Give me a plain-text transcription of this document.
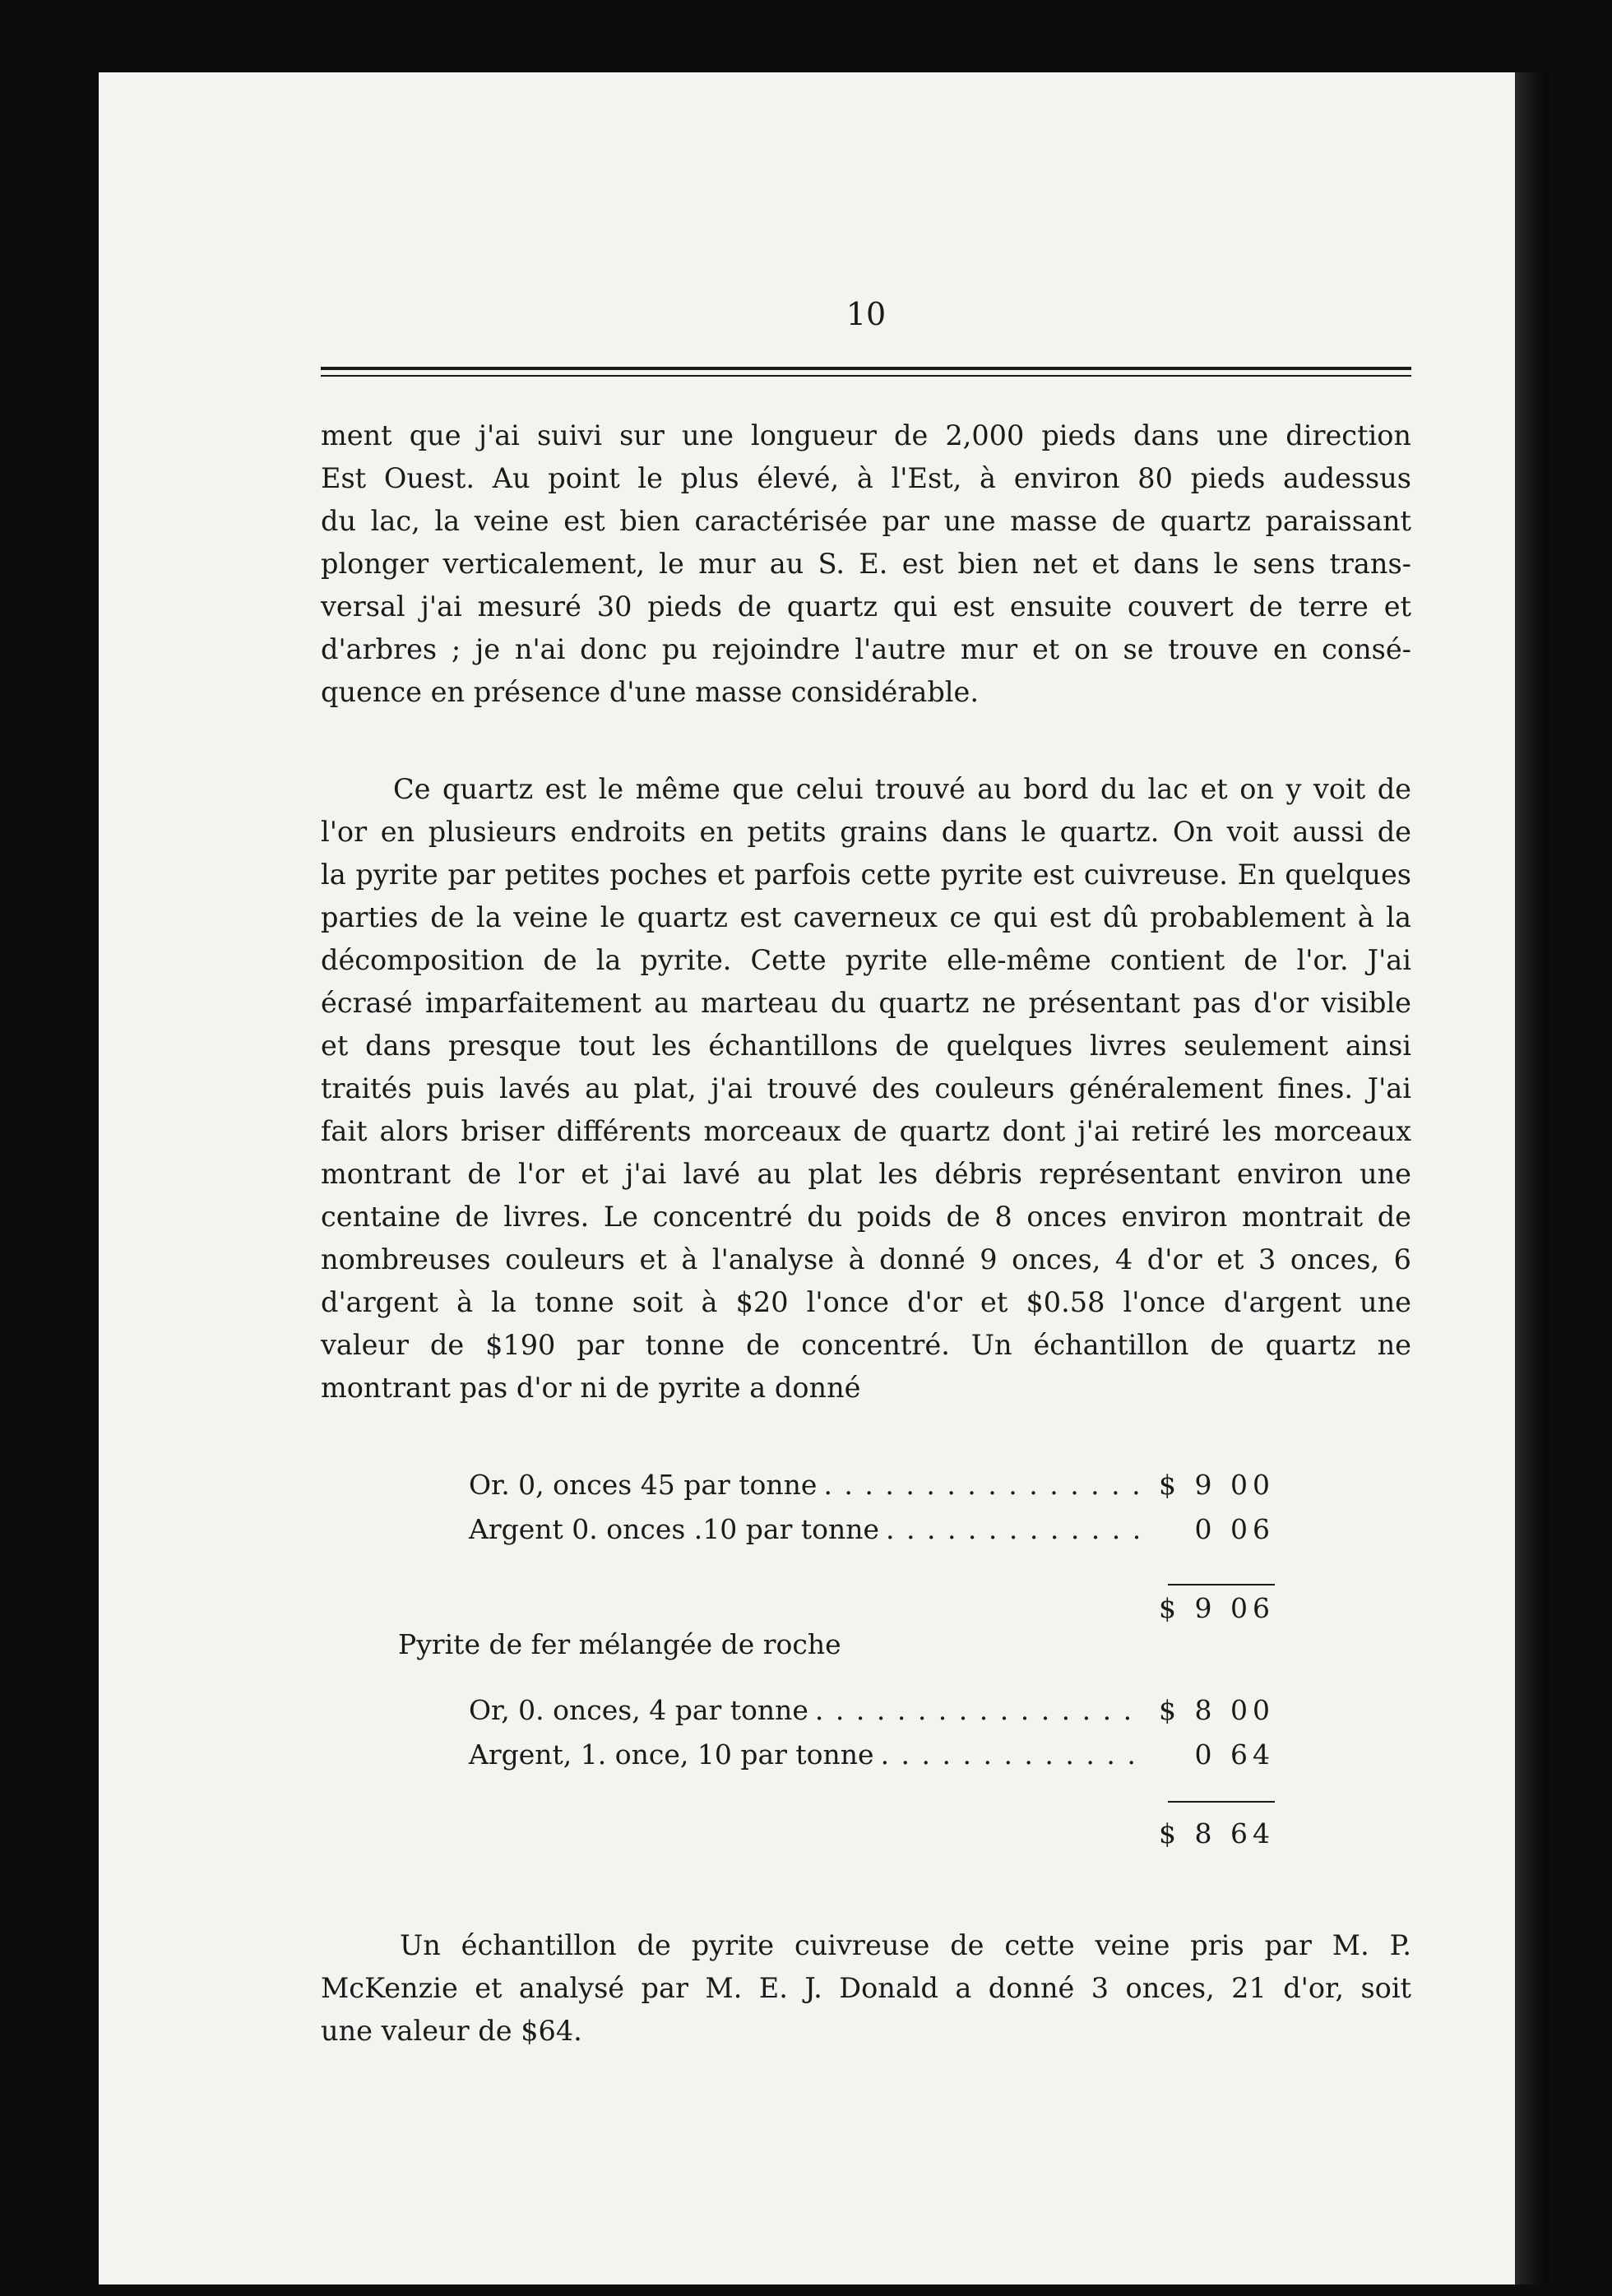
10

ment que j'ai suivi sur une longueur de 2,000 pieds dans une direction
Est Ouest. Au point le plus élevé, à l'Est, à environ 80 pieds audessus
du lac, la veine est bien caractérisée par une masse de quartz paraissant
plonger verticalement, le mur au S. E. est bien net et dans le sens trans-
versal j'ai mesuré 30 pieds de quartz qui est ensuite couvert de terre et
d'arbres ; je n'ai donc pu rejoindre l'autre mur et on se trouve en consé-
quence en présence d'une masse considérable.

Ce quartz est le même que celui trouvé au bord du lac et on y voit de
l'or en plusieurs endroits en petits grains dans le quartz. On voit aussi de
la pyrite par petites poches et parfois cette pyrite est cuivreuse. En quelques
parties de la veine le quartz est caverneux ce qui est dû probablement à la
décomposition de la pyrite. Cette pyrite elle-même contient de l'or. J'ai
écrasé imparfaitement au marteau du quartz ne présentant pas d'or visible
et dans presque tout les échantillons de quelques livres seulement ainsi
traités puis lavés au plat, j'ai trouvé des couleurs généralement fines. J'ai
fait alors briser différents morceaux de quartz dont j'ai retiré les morceaux
montrant de l'or et j'ai lavé au plat les débris représentant environ une
centaine de livres. Le concentré du poids de 8 onces environ montrait de
nombreuses couleurs et à l'analyse à donné 9 onces, 4 d'or et 3 onces, 6
d'argent à la tonne soit à $20 l'once d'or et $0.58 l'once d'argent une
valeur de $190 par tonne de concentré. Un échantillon de quartz ne
montrant pas d'or ni de pyrite a donné

Or. 0, onces 45 par tonne . . .	$ 9 00
Argent 0. onces .10 par tonne . . .	0 06
$ 9 06
Pyrite de fer mélangée de roche
Or, 0. onces, 4 par tonne . . .	$ 8 00
Argent, 1. once, 10 par tonne . . .	0 64
$ 8 64

Un échantillon de pyrite cuivreuse de cette veine pris par M. P.
McKenzie et analysé par M. E. J. Donald a donné 3 onces, 21 d'or, soit
une valeur de $64.
